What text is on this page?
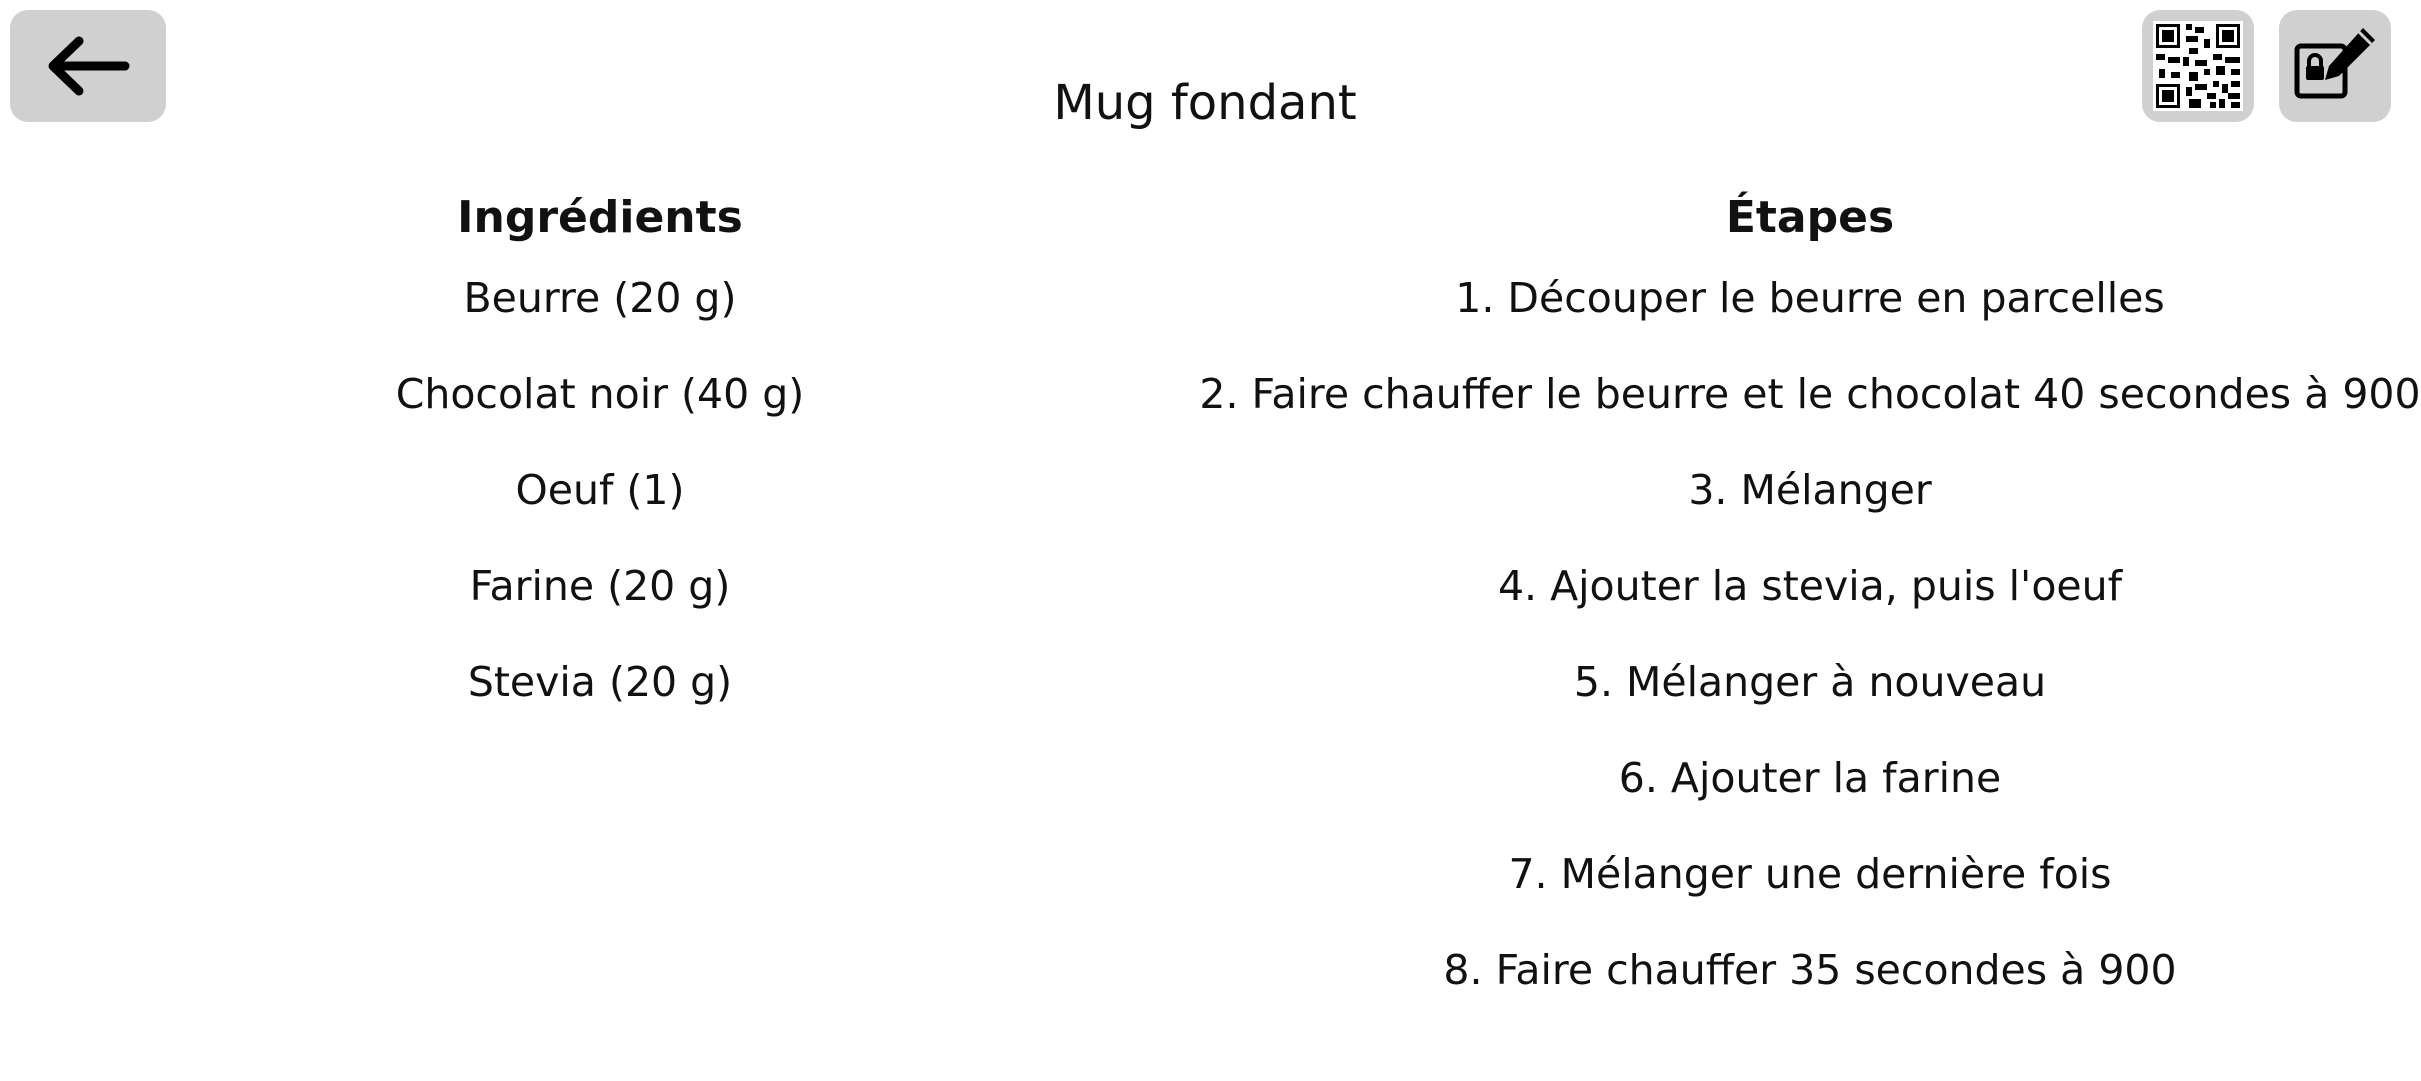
Mug fondant
Ingrédients
Beurre (20 g)
Chocolat noir (40 g)
Oeuf (1)
Farine (20 g)
Stevia (20 g)
Étapes
1. Découper le beurre en parcelles
2. Faire chauffer le beurre et le chocolat 40 secondes à 900
3. Mélanger
4. Ajouter la stevia, puis l'oeuf
5. Mélanger à nouveau
6. Ajouter la farine
7. Mélanger une dernière fois
8. Faire chauffer 35 secondes à 900
